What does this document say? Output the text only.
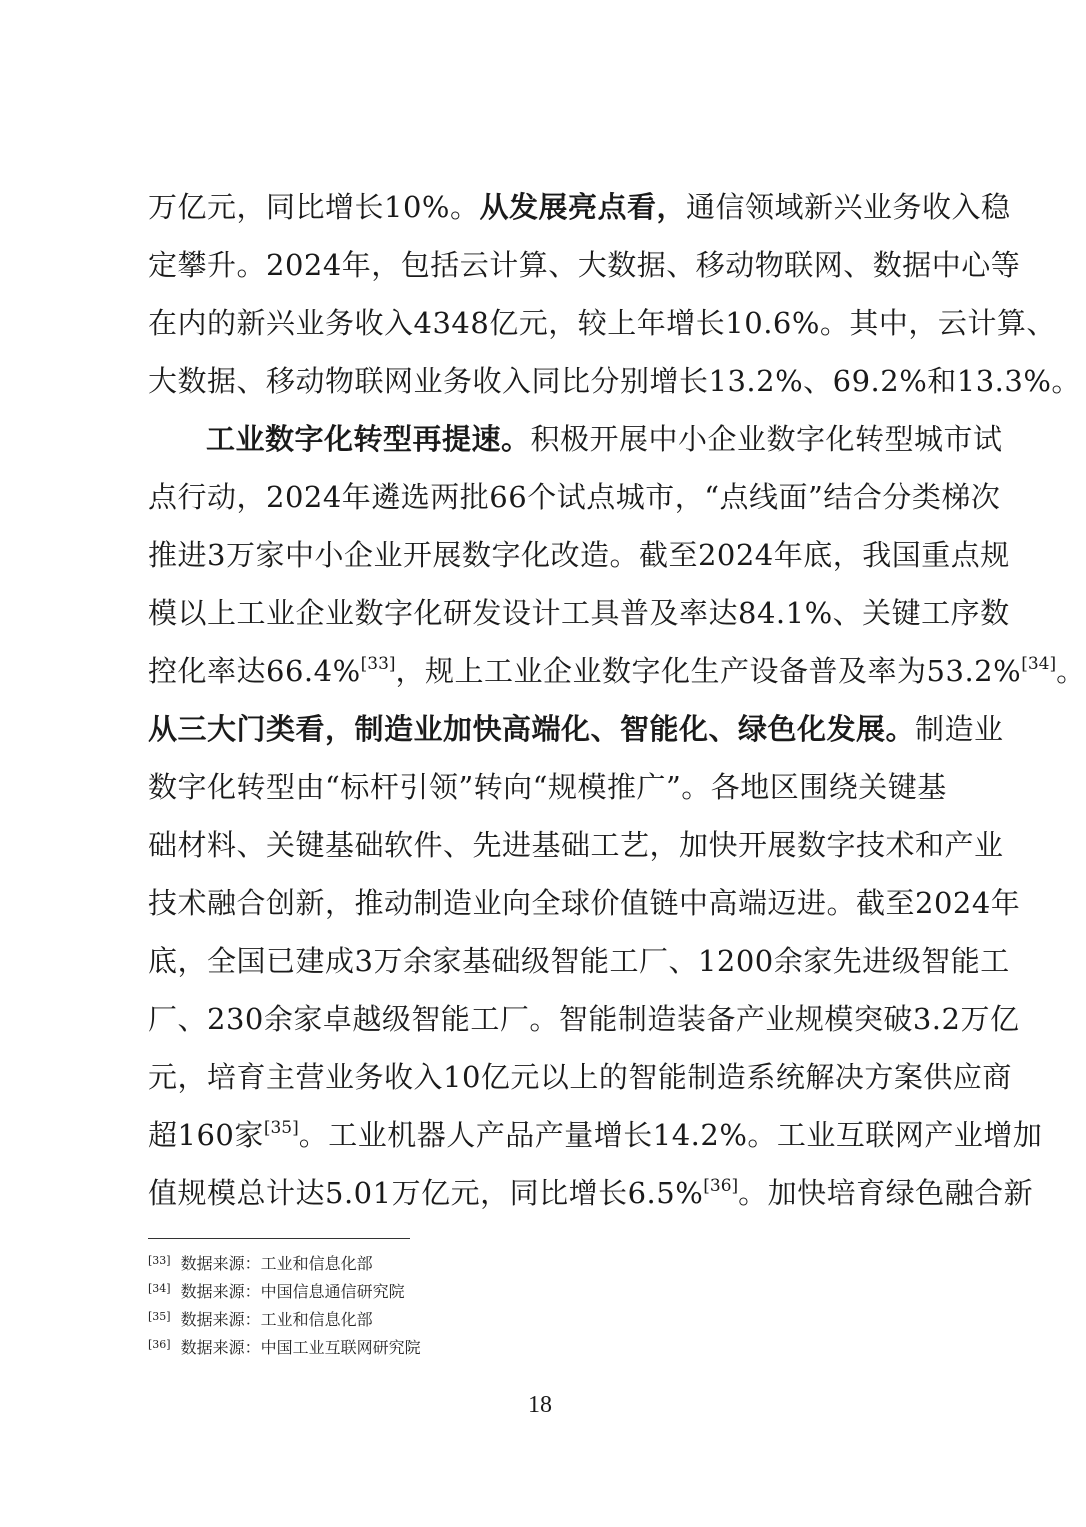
万亿元，同比增长10%。从发展亮点看，通信领域新兴业务收入稳
定攀升。2024年，包括云计算、大数据、移动物联网、数据中心等
在内的新兴业务收入4348亿元，较上年增长10.6%。其中，云计算、
大数据、移动物联网业务收入同比分别增长13.2%、69.2%和13.3%。
工业数字化转型再提速。积极开展中小企业数字化转型城市试
点行动，2024年遴选两批66个试点城市，“点线面”结合分类梯次
推进3万家中小企业开展数字化改造。截至2024年底，我国重点规
模以上工业企业数字化研发设计工具普及率达84.1%、关键工序数
控化率达66.4%[33]，规上工业企业数字化生产设备普及率为53.2%[34]。
从三大门类看，制造业加快高端化、智能化、绿色化发展。制造业
数字化转型由“标杆引领”转向“规模推广”。各地区围绕关键基
础材料、关键基础软件、先进基础工艺，加快开展数字技术和产业
技术融合创新，推动制造业向全球价值链中高端迈进。截至2024年
底，全国已建成3万余家基础级智能工厂、1200余家先进级智能工
厂、230余家卓越级智能工厂。智能制造装备产业规模突破3.2万亿
元，培育主营业务收入10亿元以上的智能制造系统解决方案供应商
超160家[35]。工业机器人产品产量增长14.2%。工业互联网产业增加
值规模总计达5.01万亿元，同比增长6.5%[36]。加快培育绿色融合新
[33] 数据来源：工业和信息化部
[34] 数据来源：中国信息通信研究院
[35] 数据来源：工业和信息化部
[36] 数据来源：中国工业互联网研究院
18
